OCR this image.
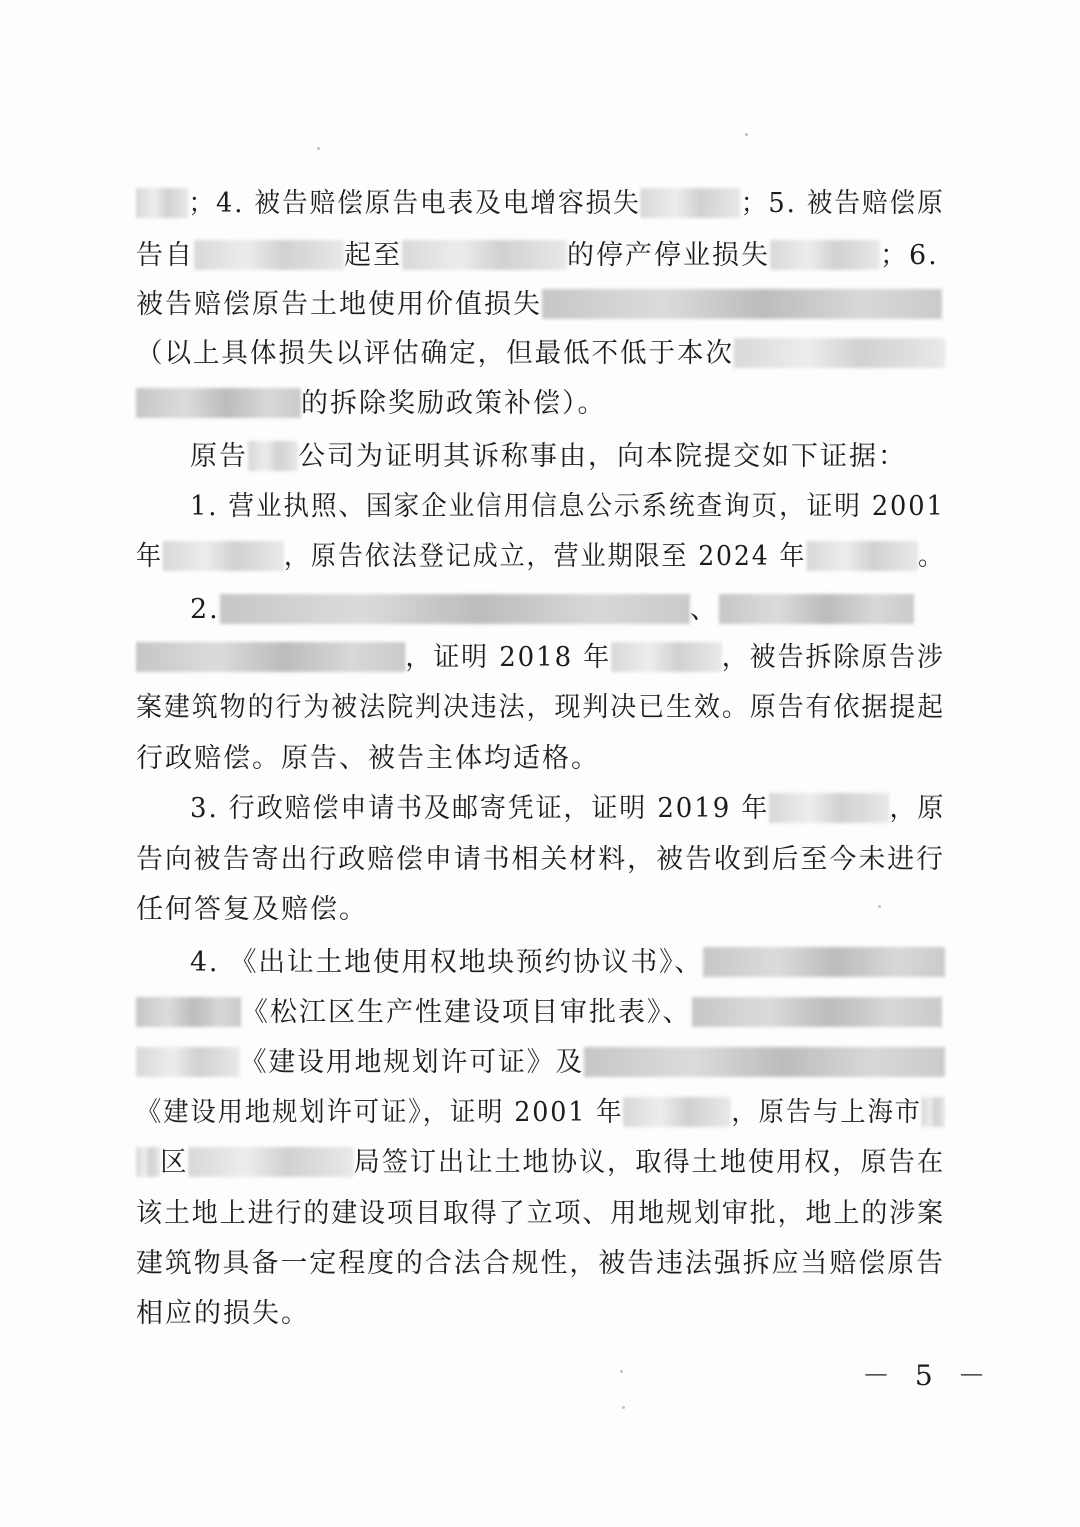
；4. 被告赔偿原告电表及电增容损失	；5. 被告赔偿原
告自	起至	的停产停业损失	；6.
被告赔偿原告土地使用价值损失
（以上具体损失以评估确定，但最低不低于本次
的拆除奖励政策补偿）。
原告 公司为证明其诉称事由，向本院提交如下证据：
1. 营业执照、国家企业信用信息公示系统查询页，证明 2001
年	，原告依法登记成立，营业期限至 2024 年	。
2.	、
，证明 2018 年	，被告拆除原告涉
案建筑物的行为被法院判决违法，现判决已生效。原告有依据提起
行政赔偿。原告、被告主体均适格。
3. 行政赔偿申请书及邮寄凭证，证明 2019 年	，原
告向被告寄出行政赔偿申请书相关材料，被告收到后至今未进行
任何答复及赔偿。
4. 《出让土地使用权地块预约协议书》、
《松江区生产性建设项目审批表》、
《建设用地规划许可证》及
《建设用地规划许可证》，证明 2001 年	，原告与上海市
区	局签订出让土地协议，取得土地使用权，原告在
该土地上进行的建设项目取得了立项、用地规划审批，地上的涉案
建筑物具备一定程度的合法合规性，被告违法强拆应当赔偿原告
相应的损失。
－ 5 －
